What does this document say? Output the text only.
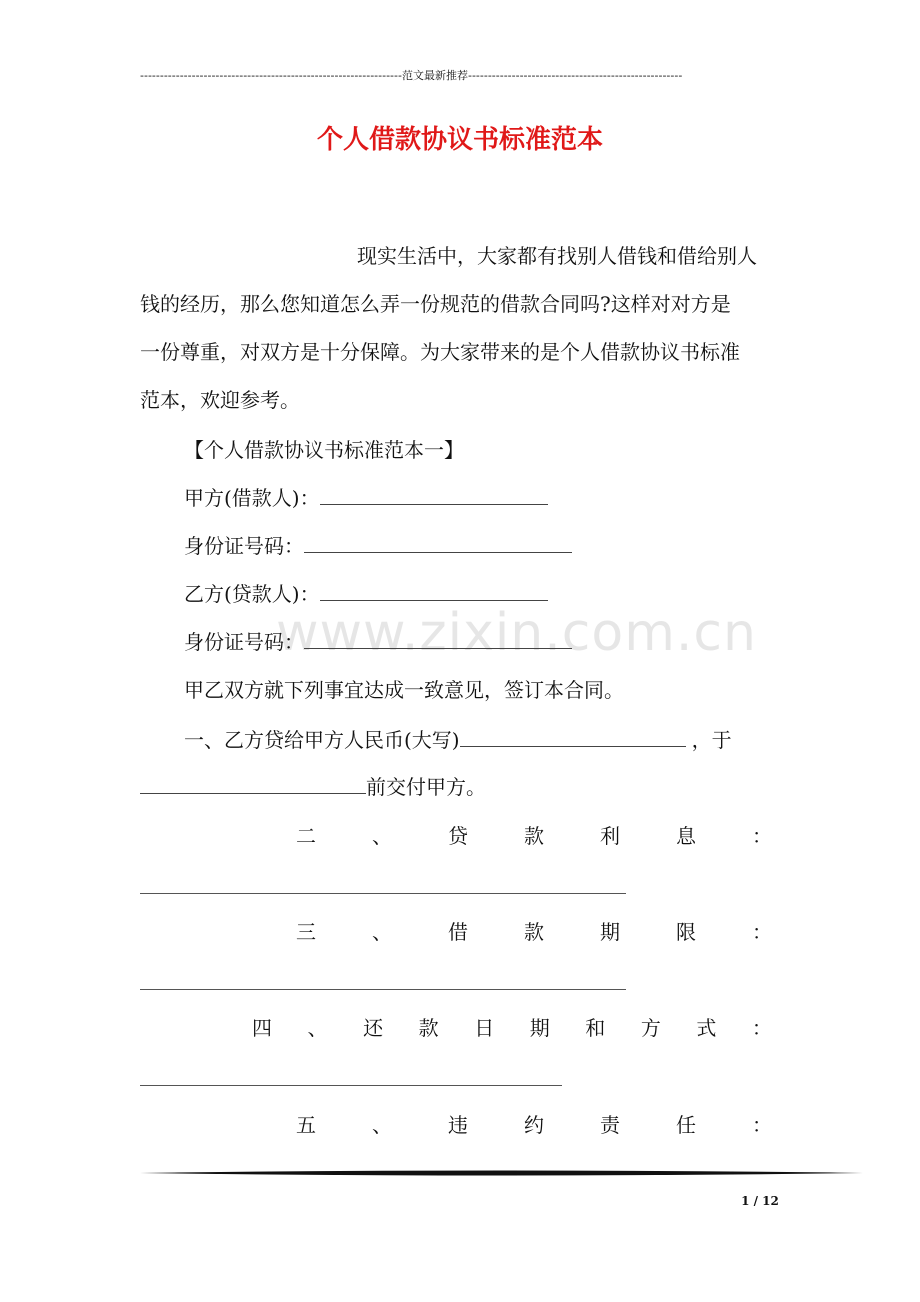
------------------------------------------------------------------范文最新推荐------------------------------------------------------
个人借款协议书标准范本
现实生活中，大家都有找别人借钱和借给别人
钱的经历，那么您知道怎么弄一份规范的借款合同吗?这样对对方是
一份尊重，对双方是十分保障。为大家带来的是个人借款协议书标准
范本，欢迎参考。
【个人借款协议书标准范本一】
甲方(借款人)：
身份证号码：
乙方(贷款人)：
www.zixin.com.cn
身份证号码：
甲乙双方就下列事宜达成一致意见，签订本合同。
一、乙方贷给甲方人民币(大写)	，于
前交付甲方。
二	、	贷	款	利	息	：
三	、	借	款	期	限	：
四 、 还 款 日 期 和 方 式 ：
五	、	违	约	责	任	：
1 / 12
